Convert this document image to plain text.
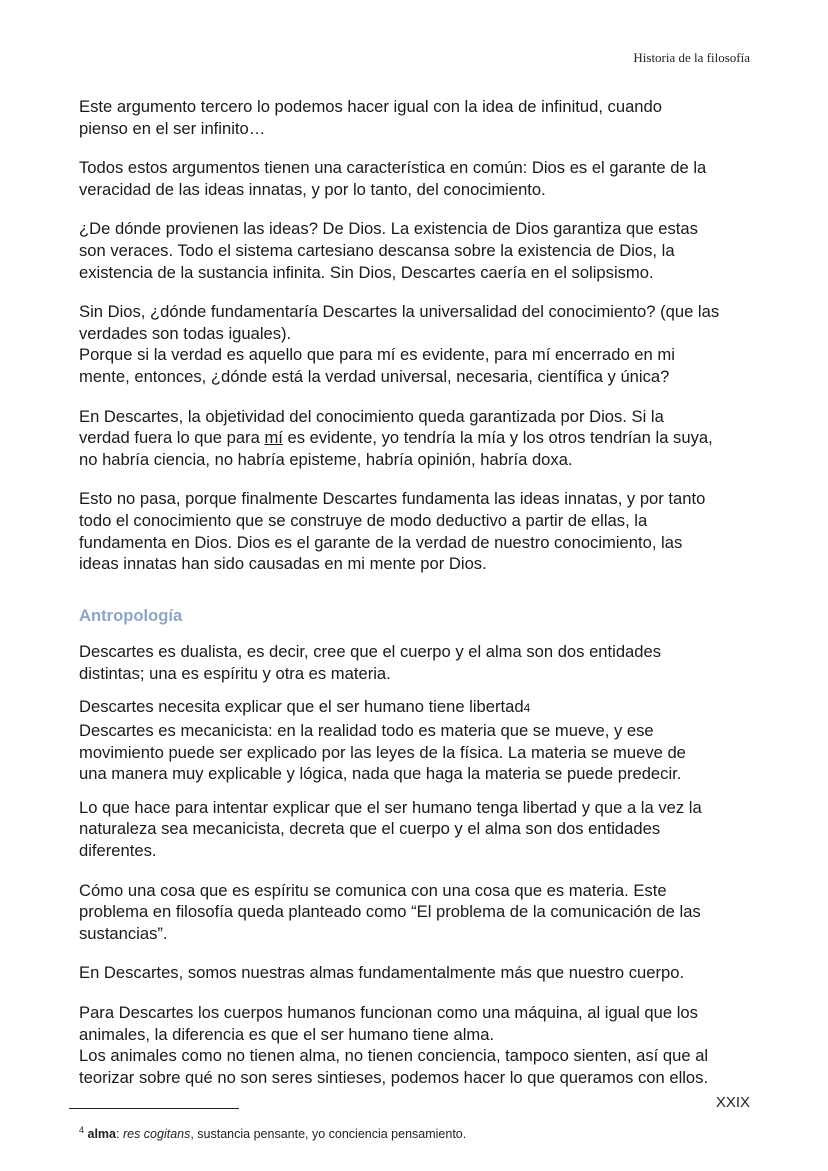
Historia de la filosofía

Este argumento tercero lo podemos hacer igual con la idea de infinitud, cuando
pienso en el ser infinito…

Todos estos argumentos tienen una característica en común: Dios es el garante de la
veracidad de las ideas innatas, y por lo tanto, del conocimiento.

¿De dónde provienen las ideas? De Dios. La existencia de Dios garantiza que estas
son veraces. Todo el sistema cartesiano descansa sobre la existencia de Dios, la
existencia de la sustancia infinita. Sin Dios, Descartes caería en el solipsismo.

Sin Dios, ¿dónde fundamentaría Descartes la universalidad del conocimiento? (que las
verdades son todas iguales).
Porque si la verdad es aquello que para mí es evidente, para mí encerrado en mi
mente, entonces, ¿dónde está la verdad universal, necesaria, científica y única?

En Descartes, la objetividad del conocimiento queda garantizada por Dios. Si la
verdad fuera lo que para mí es evidente, yo tendría la mía y los otros tendrían la suya,
no habría ciencia, no habría episteme, habría opinión, habría doxa.

Esto no pasa, porque finalmente Descartes fundamenta las ideas innatas, y por tanto
todo el conocimiento que se construye de modo deductivo a partir de ellas, la
fundamenta en Dios. Dios es el garante de la verdad de nuestro conocimiento, las
ideas innatas han sido causadas en mi mente por Dios.

Antropología

Descartes es dualista, es decir, cree que el cuerpo y el alma son dos entidades
distintas; una es espíritu y otra es materia.

Descartes necesita explicar que el ser humano tiene libertad4
Descartes es mecanicista: en la realidad todo es materia que se mueve, y ese
movimiento puede ser explicado por las leyes de la física. La materia se mueve de
una manera muy explicable y lógica, nada que haga la materia se puede predecir.

Lo que hace para intentar explicar que el ser humano tenga libertad y que a la vez la
naturaleza sea mecanicista, decreta que el cuerpo y el alma son dos entidades
diferentes.

Cómo una cosa que es espíritu se comunica con una cosa que es materia. Este
problema en filosofía queda planteado como “El problema de la comunicación de las
sustancias”.

En Descartes, somos nuestras almas fundamentalmente más que nuestro cuerpo.

Para Descartes los cuerpos humanos funcionan como una máquina, al igual que los
animales, la diferencia es que el ser humano tiene alma.
Los animales como no tienen alma, no tienen conciencia, tampoco sienten, así que al
teorizar sobre qué no son seres sintieses, podemos hacer lo que queramos con ellos.

XXIX
$^4$ alma: res cogitans, sustancia pensante, yo conciencia pensamiento.
